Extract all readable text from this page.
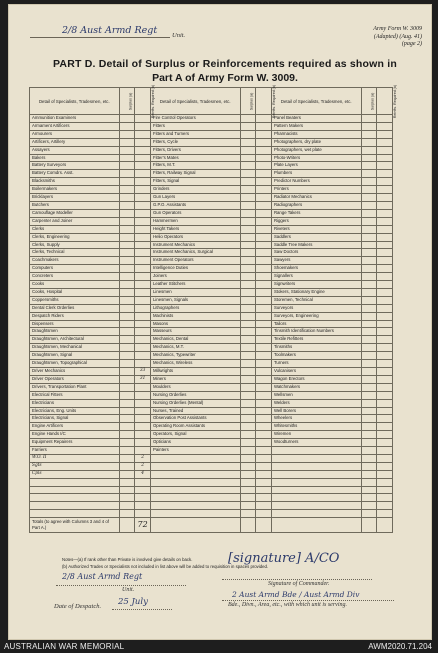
2/8 Aust Armd Regt Unit.
Army Form W. 3009
(Adapted) (Aug. 41)
(page 2)
PART D. Detail of Surplus or Reinforcements required as shown in
Part A of Army Form W. 3009.
Detail of Specialists, Tradesmen, etc.	Surplus (a)	Reinfts. Required (b)	Detail of Specialists, Tradesmen, etc.	Surplus (a)	Reinfts. Required (b)	Detail of Specialists, Tradesmen, etc.	Surplus (a)	Reinfts. Required (b)
Ammunition Examiners			Fire Control Operators			Panel Beaters		
Armament Artificers			Fitters			Pattern Makers		
Armourers			Fitters and Turners			Pharmacists		
Artificers, Artillery			Fitters, Cycle			Photographers, dry plate		
Assayers			Fitters, Drivers			Photographers, wet plate		
Bakers			Fitter's Mates			Photo-Writers		
Battery Surveyors			Fitters, M.T.			Plate Layers		
Battery Comdrs. Asst.			Fitters, Railway Signal			Plumbers		
Blacksmiths			Fitters, Signal			Predictor Numbers		
Boilermakers			Grinders			Printers		
Bricklayers			Gun Layers			Radiator Mechanics		
Butchers			G.P.O. Assistants			Radiographers		
Camouflage Modeller			Gun Operators			Range Takers		
Carpenter and Joiner			Hammermen			Riggers		
Clerks			Height Takers			Riveters		
Clerks, Engineering			Helio Operators			Saddlers		
Clerks, Supply			Instrument Mechanics			Saddle Tree Makers		
Clerks, Technical			Instrument Mechanics, Surgical			Saw Doctors		
Coachmakers			Instrument Operators			Sawyers		
Computers			Intelligence Duties			Shoemakers		
Concreters			Joiners			Signallers		
Cooks			Leather Stitchers			Signwriters		
Cooks, Hospital			Linesmen			Stokers, Stationary Engine		
Coppersmiths			Linesmen, Signals			Storemen, Technical		
Dental Clerk Orderlies			Lithographers			Surveyors		
Despatch Riders			Machinists			Surveyors, Engineering		
Dispensers			Masons			Tailors		
Draughtsmen			Masseurs			Tinsmith Identification Numbers		
Draughtsmen, Architectural			Mechanics, Dental			Textile Refitters		
Draughtsmen, Mechanical			Mechanics, M.T.			Tinsmiths		
Draughtsmen, Signal			Mechanics, Typewriter			Toolmakers		
Draughtsmen, Topographical			Mechanics, Wireless			Turners		
Driver Mechanics		33	Millwrights			Vulcanisers		
Driver Operators		31	Miners			Wagon Erectors		
Drivers, Transportation Plant			Moulders			Watchmakers		
Electrical Fitters			Nursing Orderlies			Wellsmen		
Electricians			Nursing Orderlies (Mental)			Welders		
Electricians, Eng. Units			Nurses, Trained			Well Borers		
Electricians, Signal			Observation Post Assistants			Wheelers		
Engine Artificers			Operating Room Assistants			Whitesmiths		
Engine Hands I/C			Operators, Signal			Wiremen		
Equipment Repairers			Opticians			Woodturners		
Farriers			Painters					
W.O. II		2						
Sgts		2						
Cpls		4						

Totals (to agree with Columns 3 and 4 of Part A.)		72						
Notes—(a) If rank other than Private is involved give details on back.
(b) Authorized Trades or Specialists not included in list above will be added to requisition in spaces provided.
[signature] A/CO
Signature of Commander.
2/8 Aust Armd Regt
Unit.
Date of Despatch. 25 July
2 Aust Armd Bde / Aust Armd Div
Bde., Divn., Area, etc., with which unit is serving.
AUSTRALIAN WAR MEMORIAL	AWM2020.71.204
